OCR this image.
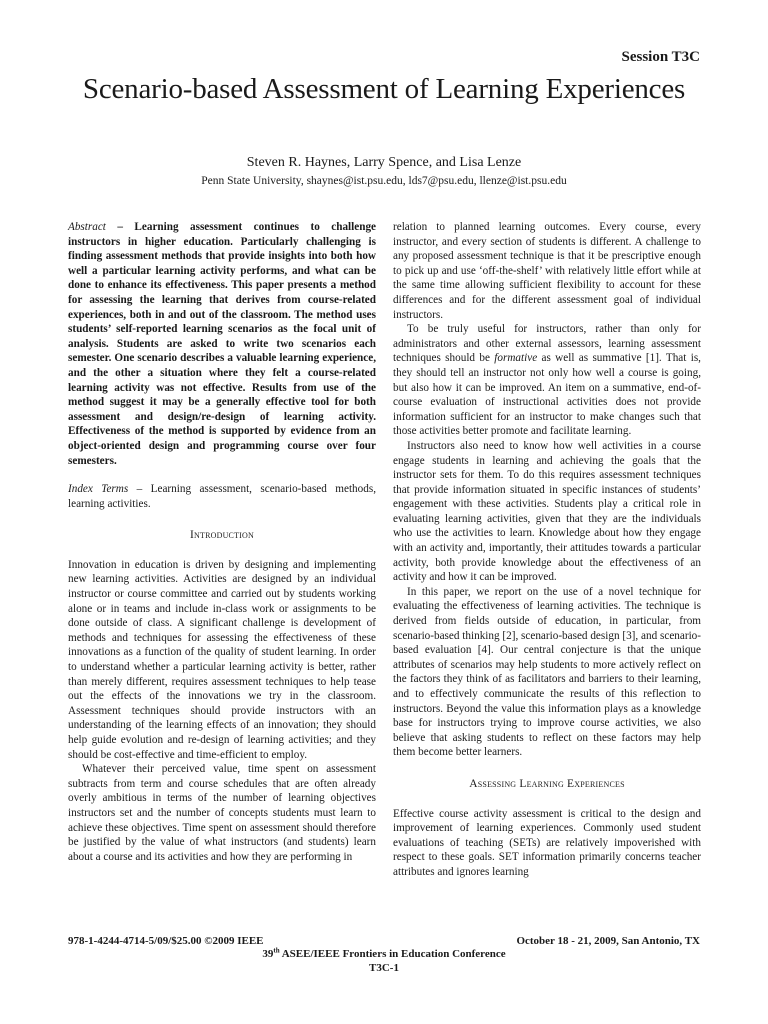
Session T3C
Scenario-based Assessment of Learning Experiences
Steven R. Haynes, Larry Spence, and Lisa Lenze
Penn State University, shaynes@ist.psu.edu, lds7@psu.edu, llenze@ist.psu.edu

Abstract – Learning assessment continues to challenge instructors in higher education. Particularly challenging is finding assessment methods that provide insights into both how well a particular learning activity performs, and what can be done to enhance its effectiveness. This paper presents a method for assessing the learning that derives from course-related experiences, both in and out of the classroom. The method uses students’ self-reported learning scenarios as the focal unit of analysis. Students are asked to write two scenarios each semester. One scenario describes a valuable learning experience, and the other a situation where they felt a course-related learning activity was not effective. Results from use of the method suggest it may be a generally effective tool for both assessment and design/re-design of learning activity. Effectiveness of the method is supported by evidence from an object-oriented design and programming course over four semesters.

Index Terms – Learning assessment, scenario-based methods, learning activities.

Introduction

Innovation in education is driven by designing and implementing new learning activities. Activities are designed by an individual instructor or course committee and carried out by students working alone or in teams and include in-class work or assignments to be done outside of class. A significant challenge is development of methods and techniques for assessing the effectiveness of these innovations as a function of the quality of student learning. In order to understand whether a particular learning activity is better, rather than merely different, requires assessment techniques to help tease out the effects of the innovations we try in the classroom. Assessment techniques should provide instructors with an understanding of the learning effects of an innovation; they should help guide evolution and re-design of learning activities; and they should be cost-effective and time-efficient to employ.

Whatever their perceived value, time spent on assessment subtracts from term and course schedules that are often already overly ambitious in terms of the number of learning objectives instructors set and the number of concepts students must learn to achieve these objectives. Time spent on assessment should therefore be justified by the value of what instructors (and students) learn about a course and its activities and how they are performing in

relation to planned learning outcomes. Every course, every instructor, and every section of students is different. A challenge to any proposed assessment technique is that it be prescriptive enough to pick up and use ‘off-the-shelf’ with relatively little effort while at the same time allowing sufficient flexibility to account for these differences and for the different assessment goal of individual instructors.

To be truly useful for instructors, rather than only for administrators and other external assessors, learning assessment techniques should be formative as well as summative [1]. That is, they should tell an instructor not only how well a course is going, but also how it can be improved. An item on a summative, end-of-course evaluation of instructional activities does not provide information sufficient for an instructor to make changes such that those activities better promote and facilitate learning.

Instructors also need to know how well activities in a course engage students in learning and achieving the goals that the instructor sets for them. To do this requires assessment techniques that provide information situated in specific instances of students’ engagement with these activities. Students play a critical role in evaluating learning activities, given that they are the individuals who use the activities to learn. Knowledge about how they engage with an activity and, importantly, their attitudes towards a particular activity, both provide knowledge about the effectiveness of an activity and how it can be improved.

In this paper, we report on the use of a novel technique for evaluating the effectiveness of learning activities. The technique is derived from fields outside of education, in particular, from scenario-based thinking [2], scenario-based design [3], and scenario-based evaluation [4]. Our central conjecture is that the unique attributes of scenarios may help students to more actively reflect on the factors they think of as facilitators and barriers to their learning, and to effectively communicate the results of this reflection to instructors. Beyond the value this information plays as a knowledge base for instructors trying to improve course activities, we also believe that asking students to reflect on these factors may help them become better learners.

Assessing Learning Experiences

Effective course activity assessment is critical to the design and improvement of learning experiences. Commonly used student evaluations of teaching (SETs) are relatively impoverished with respect to these goals. SET information primarily concerns teacher attributes and ignores learning

978-1-4244-4714-5/09/$25.00 ©2009 IEEE	October 18 - 21, 2009, San Antonio, TX
39th ASEE/IEEE Frontiers in Education Conference
T3C-1
